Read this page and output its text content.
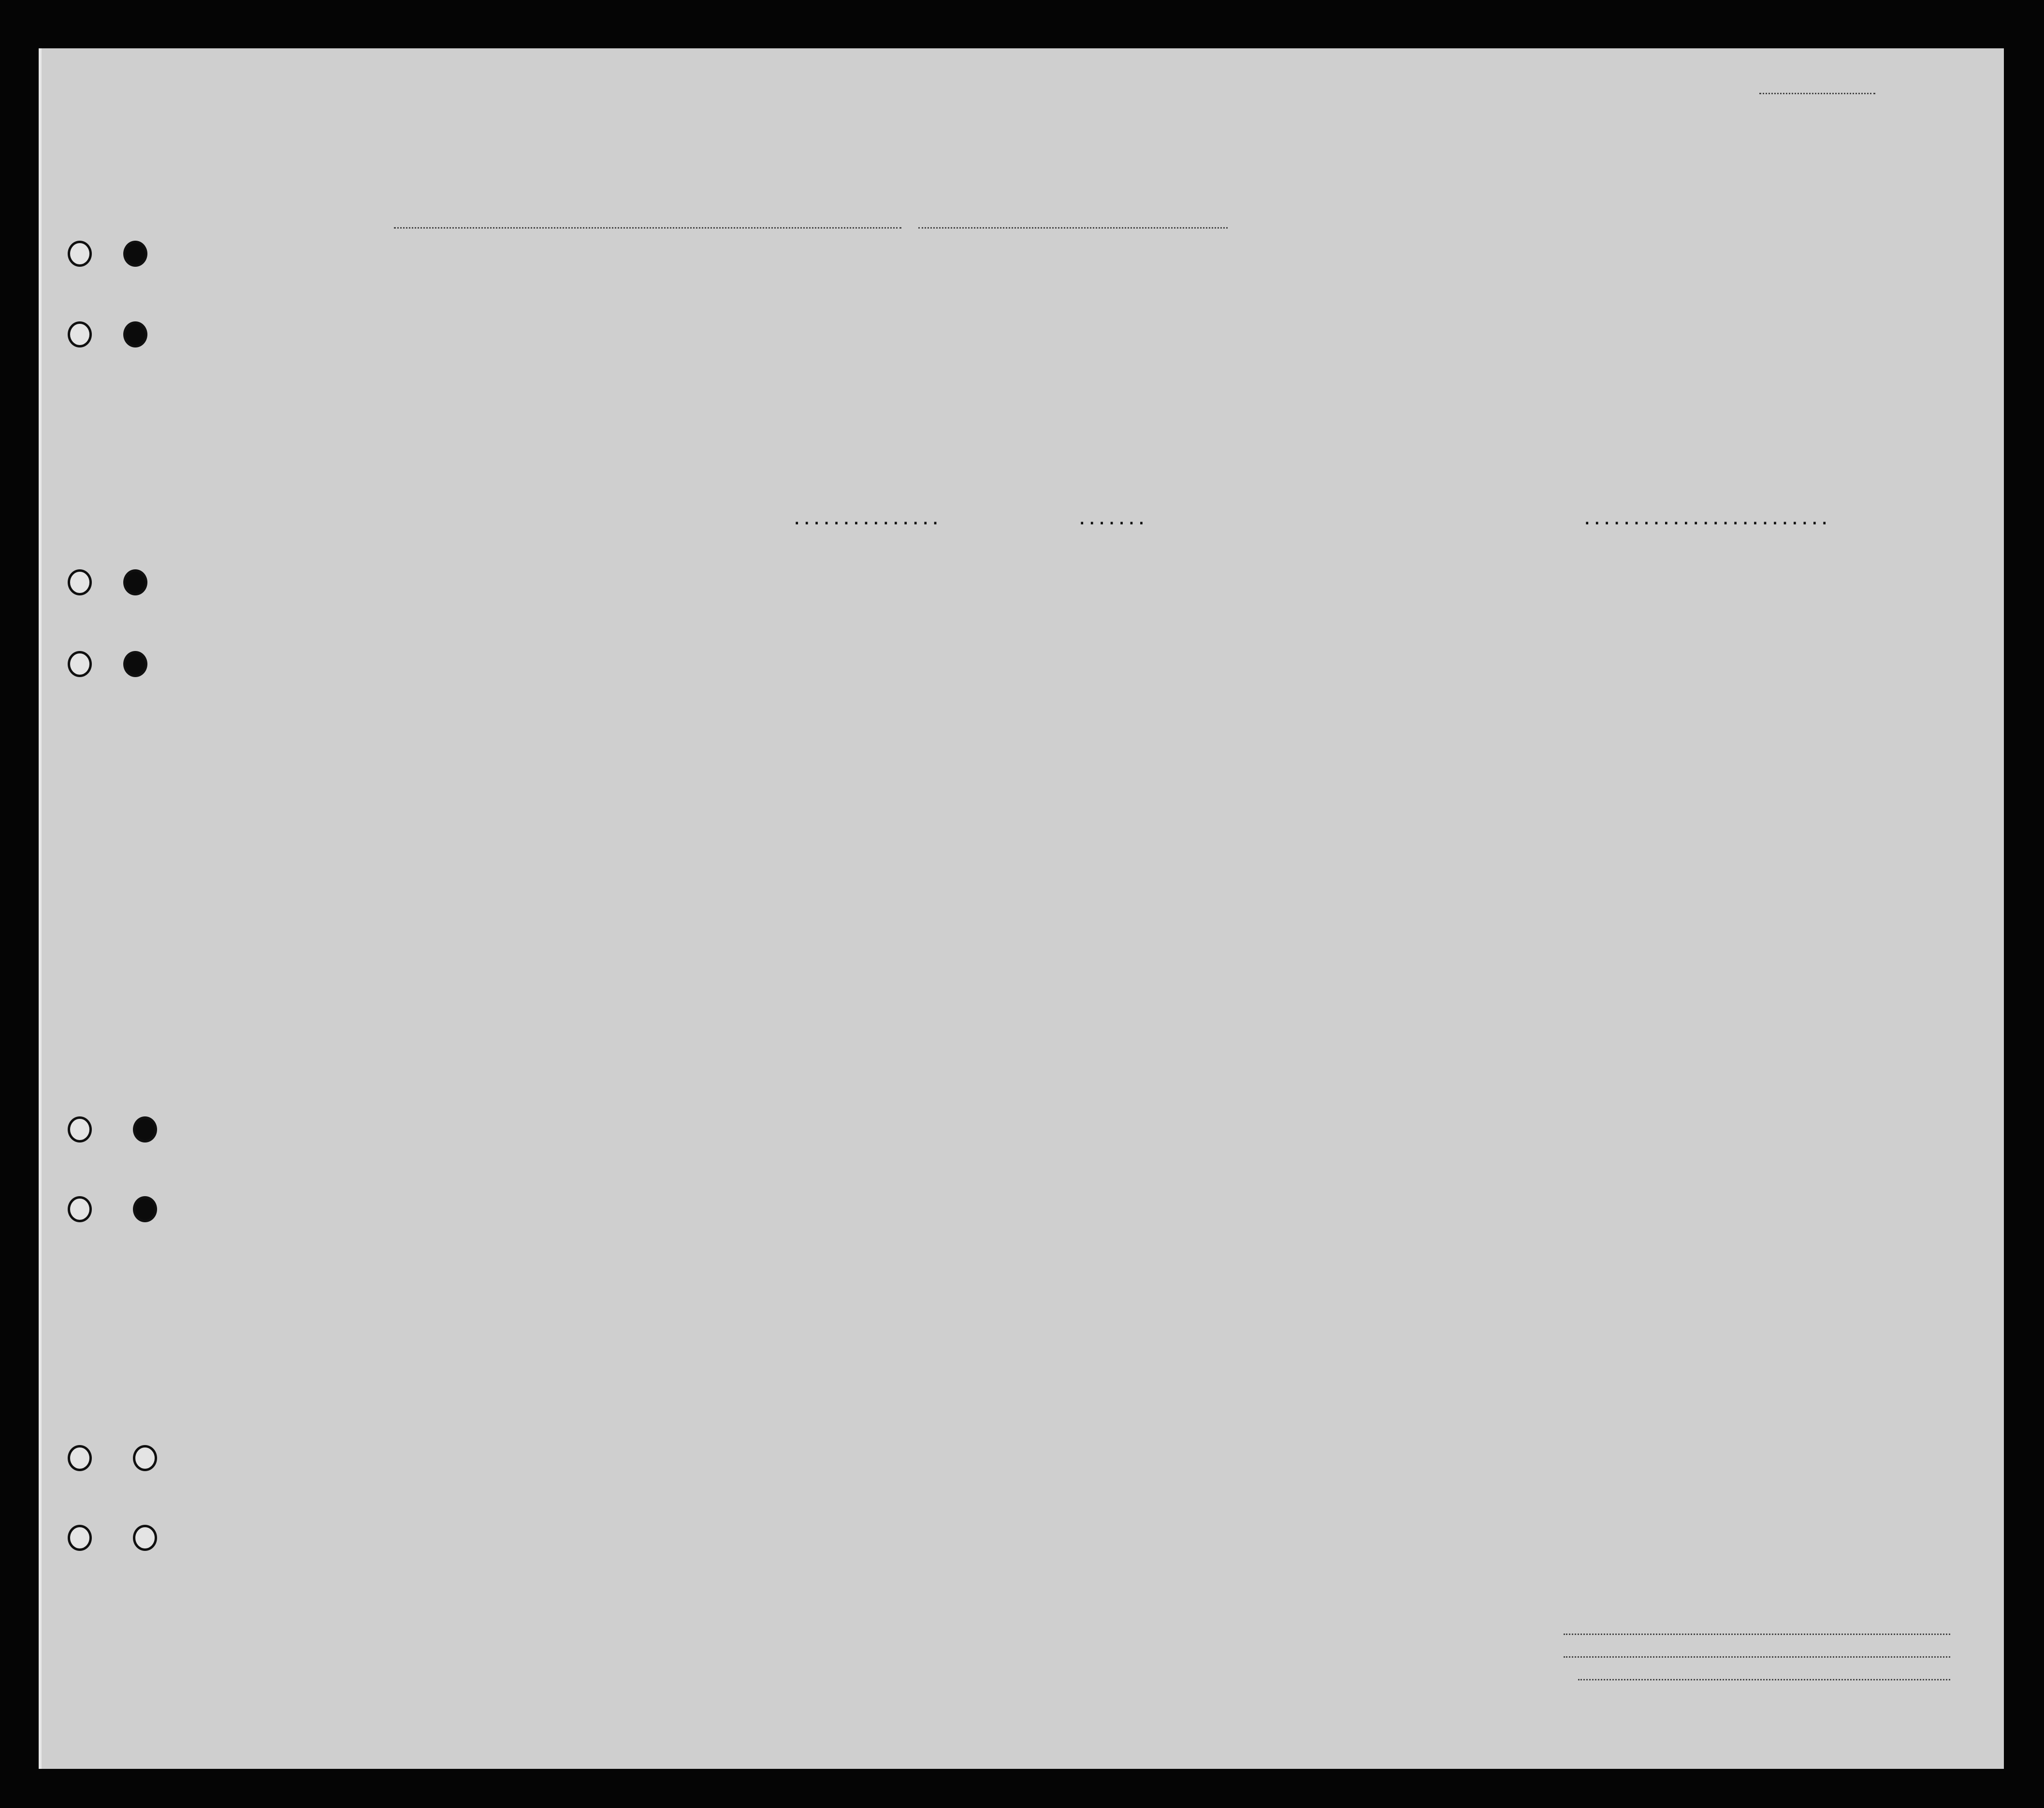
...............	.......	.........................
